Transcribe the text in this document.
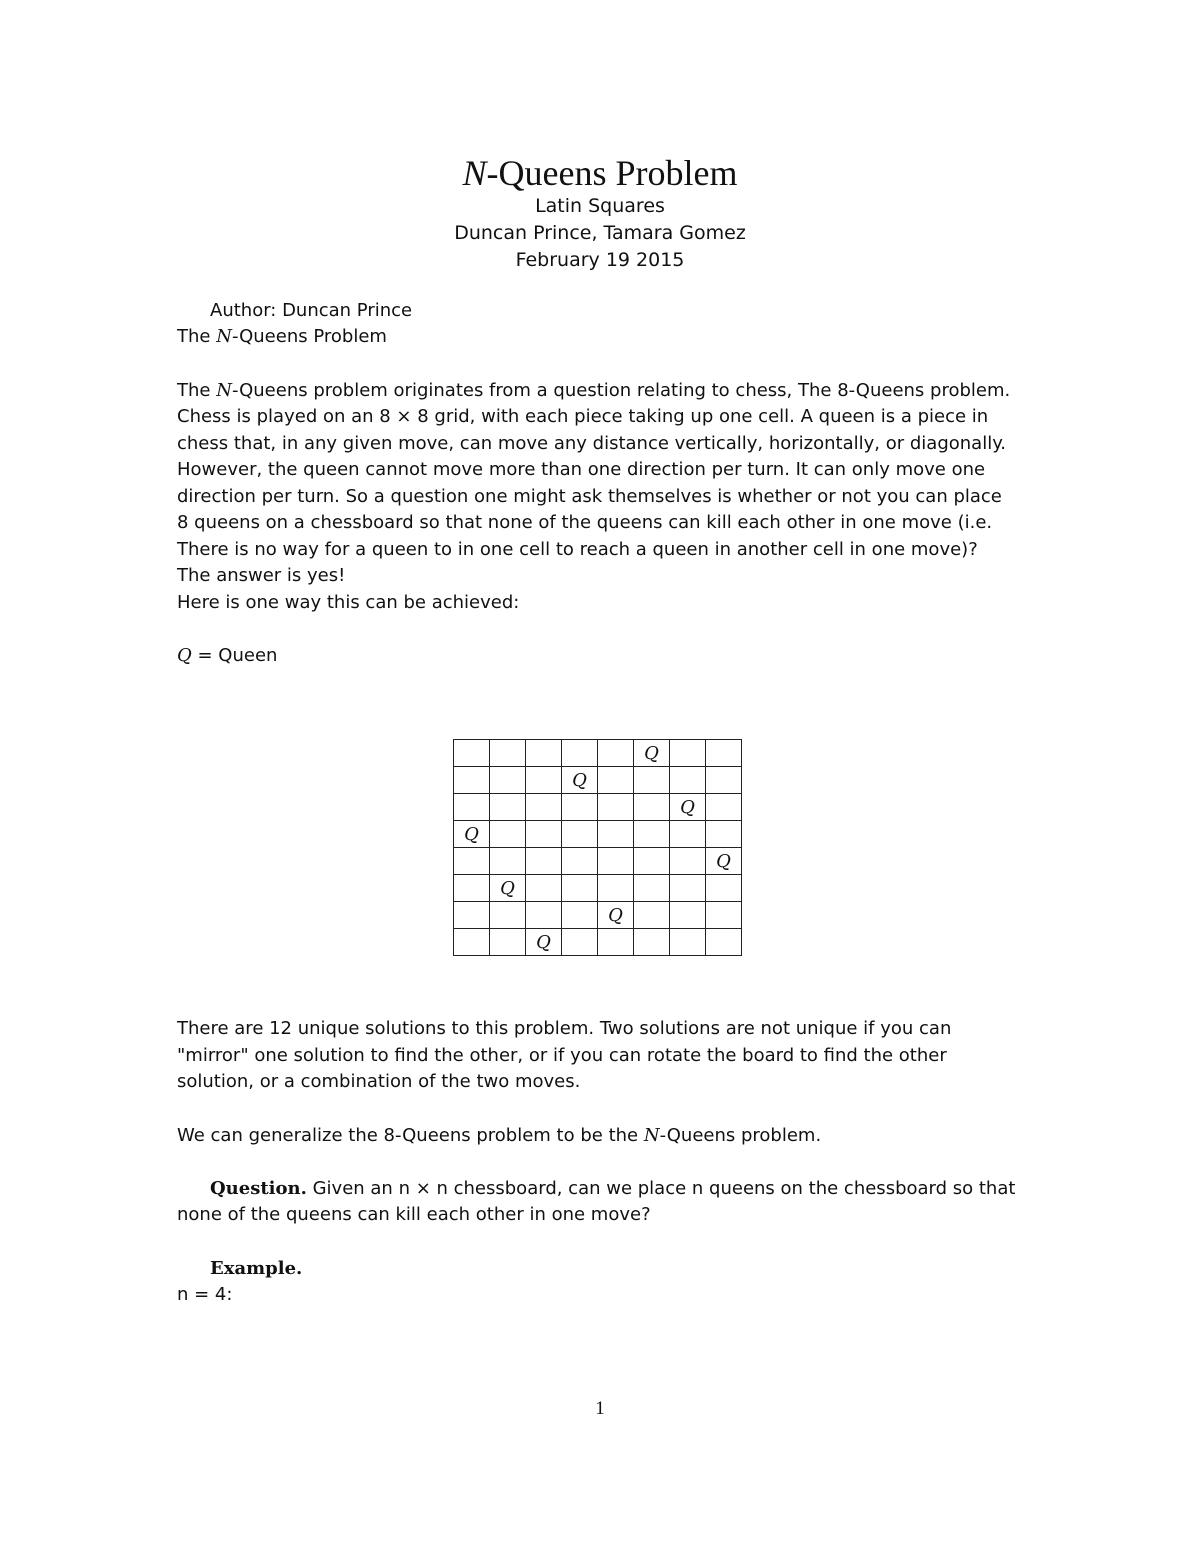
N-Queens Problem
Latin Squares
Duncan Prince, Tamara Gomez
February 19 2015
Author: Duncan Prince
The N-Queens Problem
The N-Queens problem originates from a question relating to chess, The 8-Queens problem.
Chess is played on an 8 × 8 grid, with each piece taking up one cell. A queen is a piece in
chess that, in any given move, can move any distance vertically, horizontally, or diagonally.
However, the queen cannot move more than one direction per turn. It can only move one
direction per turn. So a question one might ask themselves is whether or not you can place
8 queens on a chessboard so that none of the queens can kill each other in one move (i.e.
There is no way for a queen to in one cell to reach a queen in another cell in one move)?
The answer is yes!
Here is one way this can be achieved:
Q = Queen
					Q		
			Q				
						Q	
Q							
							Q
	Q						
				Q			
		Q					
There are 12 unique solutions to this problem. Two solutions are not unique if you can
"mirror" one solution to find the other, or if you can rotate the board to find the other
solution, or a combination of the two moves.
We can generalize the 8-Queens problem to be the N-Queens problem.
Question. Given an n × n chessboard, can we place n queens on the chessboard so that
none of the queens can kill each other in one move?
Example.
n = 4:
1
